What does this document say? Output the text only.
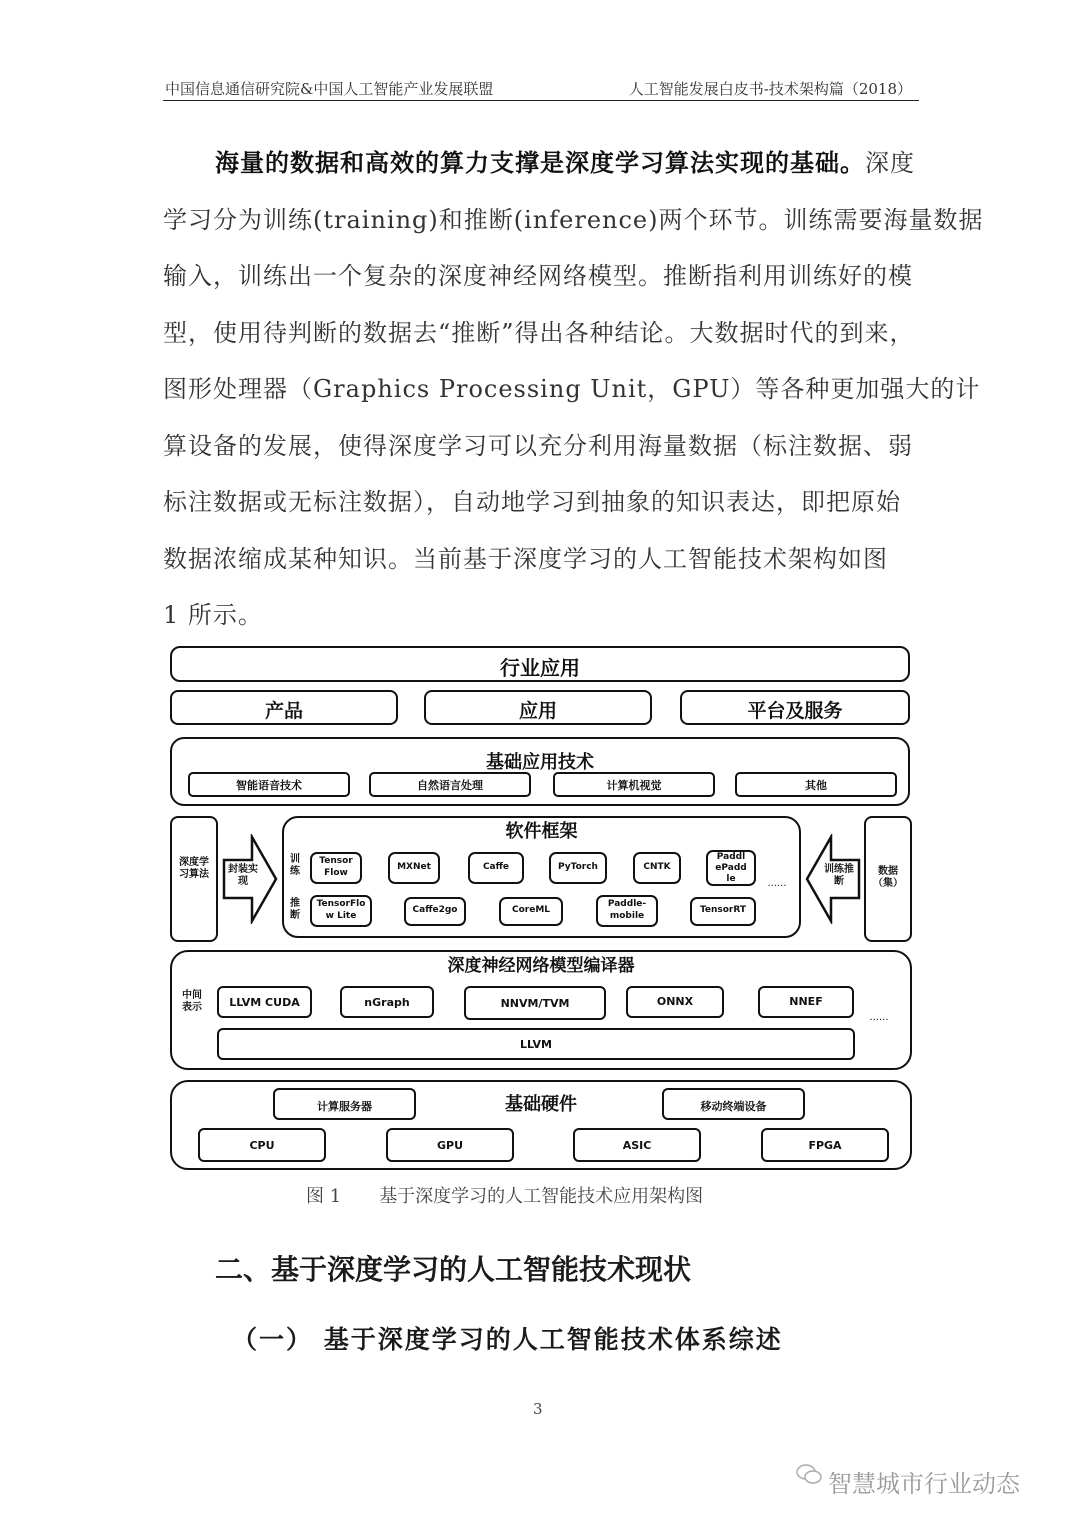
中国信息通信研究院&中国人工智能产业发展联盟	人工智能发展白皮书-技术架构篇（2018）
海量的数据和高效的算力支撑是深度学习算法实现的基础。深度
学习分为训练(training)和推断(inference)两个环节。训练需要海量数据
输入，训练出一个复杂的深度神经网络模型。推断指利用训练好的模
型，使用待判断的数据去“推断”得出各种结论。大数据时代的到来，
图形处理器（Graphics Processing Unit，GPU）等各种更加强大的计
算设备的发展，使得深度学习可以充分利用海量数据（标注数据、弱
标注数据或无标注数据），自动地学习到抽象的知识表达，即把原始
数据浓缩成某种知识。当前基于深度学习的人工智能技术架构如图
1 所示。
行业应用
产品	应用	平台及服务
基础应用技术
智能语音技术	自然语言处理	计算机视觉	其他
深度学习算法 封装实现
软件框架
训练
推断
Tensor Flow
MXNet	Caffe	PyTorch	CNTK
PaddlePaddle
TensorFlow Lite
Caffe2go	CoreML
Paddle-mobile
TensorRT
......
训练推断
数据（集）
深度神经网络模型编译器
中间表示	LLVM CUDA	nGraph	NNVM/TVM	ONNX	NNEF
......
LLVM
基础硬件
计算服务器	移动终端设备
CPU	GPU	ASIC	FPGA
图 1 基于深度学习的人工智能技术应用架构图
二、基于深度学习的人工智能技术现状
（一） 基于深度学习的人工智能技术体系综述
3
智慧城市行业动态
